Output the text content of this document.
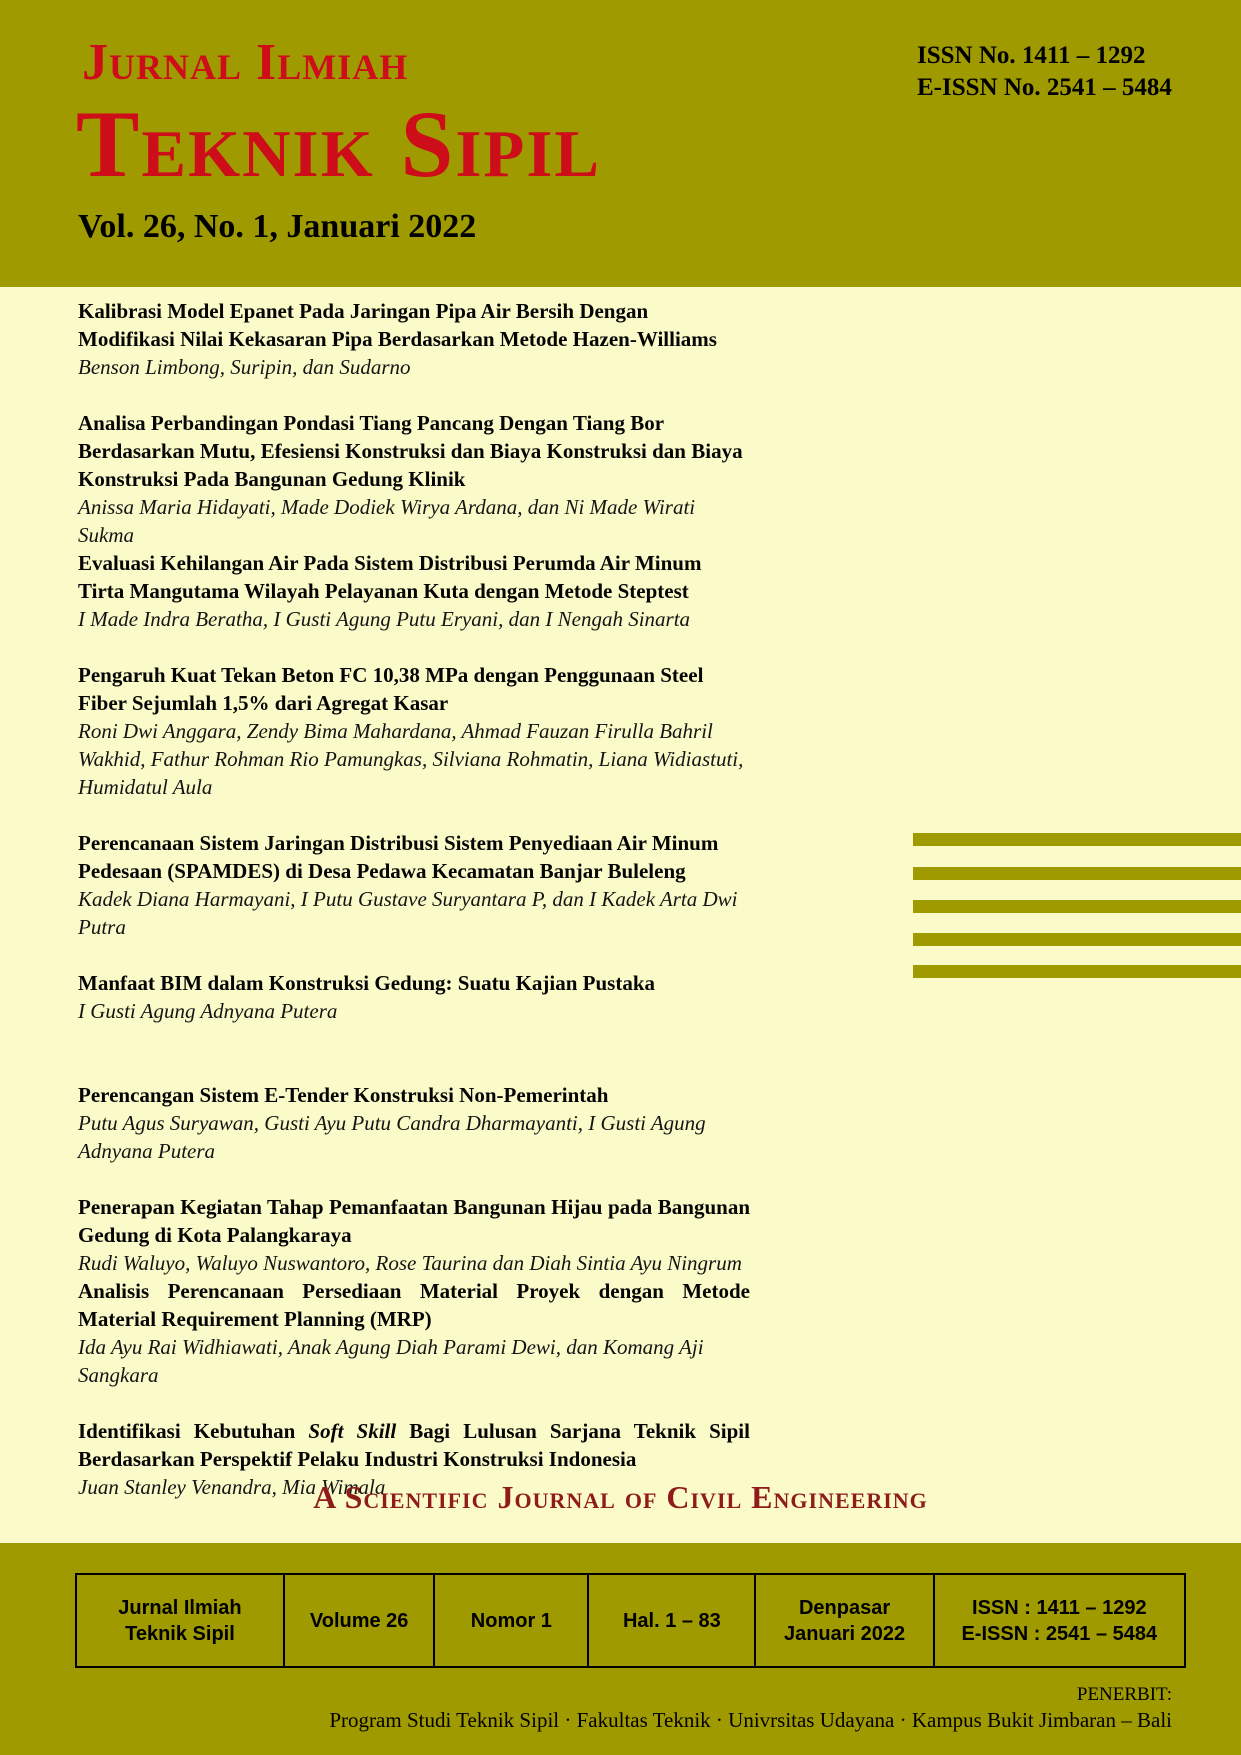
Jurnal Ilmiah
Teknik Sipil
ISSN No. 1411 – 1292
E-ISSN No. 2541 – 5484
Vol. 26, No. 1, Januari 2022
Kalibrasi Model Epanet Pada Jaringan Pipa Air Bersih Dengan Modifikasi Nilai Kekasaran Pipa Berdasarkan Metode Hazen-Williams
Benson Limbong, Suripin, dan Sudarno
Analisa Perbandingan Pondasi Tiang Pancang Dengan Tiang Bor Berdasarkan Mutu, Efesiensi Konstruksi dan Biaya Konstruksi dan Biaya Konstruksi Pada Bangunan Gedung Klinik
Anissa Maria Hidayati, Made Dodiek Wirya Ardana, dan Ni Made Wirati Sukma
Evaluasi Kehilangan Air Pada Sistem Distribusi Perumda Air Minum Tirta Mangutama Wilayah Pelayanan Kuta dengan Metode Steptest
I Made Indra Beratha, I Gusti Agung Putu Eryani, dan I Nengah Sinarta
Pengaruh Kuat Tekan Beton FC 10,38 MPa dengan Penggunaan Steel Fiber Sejumlah 1,5% dari Agregat Kasar
Roni Dwi Anggara, Zendy Bima Mahardana, Ahmad Fauzan Firulla Bahril Wakhid, Fathur Rohman Rio Pamungkas, Silviana Rohmatin, Liana Widiastuti, Humidatul Aula
Perencanaan Sistem Jaringan Distribusi Sistem Penyediaan Air Minum Pedesaan (SPAMDES) di Desa Pedawa Kecamatan Banjar Buleleng
Kadek Diana Harmayani, I Putu Gustave Suryantara P, dan I Kadek Arta Dwi Putra
Manfaat BIM dalam Konstruksi Gedung: Suatu Kajian Pustaka
I Gusti Agung Adnyana Putera
Perencangan Sistem E-Tender Konstruksi Non-Pemerintah
Putu Agus Suryawan, Gusti Ayu Putu Candra Dharmayanti, I Gusti Agung Adnyana Putera
Penerapan Kegiatan Tahap Pemanfaatan Bangunan Hijau pada Bangunan Gedung di Kota Palangkaraya
Rudi Waluyo, Waluyo Nuswantoro, Rose Taurina dan Diah Sintia Ayu Ningrum
Analisis Perencanaan Persediaan Material Proyek dengan Metode Material Requirement Planning (MRP)
Ida Ayu Rai Widhiawati, Anak Agung Diah Parami Dewi, dan Komang Aji Sangkara
Identifikasi Kebutuhan Soft Skill Bagi Lulusan Sarjana Teknik Sipil Berdasarkan Perspektif Pelaku Industri Konstruksi Indonesia
Juan Stanley Venandra, Mia Wimala
A Scientific Journal of Civil Engineering
Jurnal Ilmiah
Teknik Sipil
Volume 26	Nomor 1	Hal. 1 – 83
Denpasar
Januari 2022
ISSN : 1411 – 1292
E-ISSN : 2541 – 5484
PENERBIT:
Program Studi Teknik Sipil · Fakultas Teknik · Univrsitas Udayana · Kampus Bukit Jimbaran – Bali
